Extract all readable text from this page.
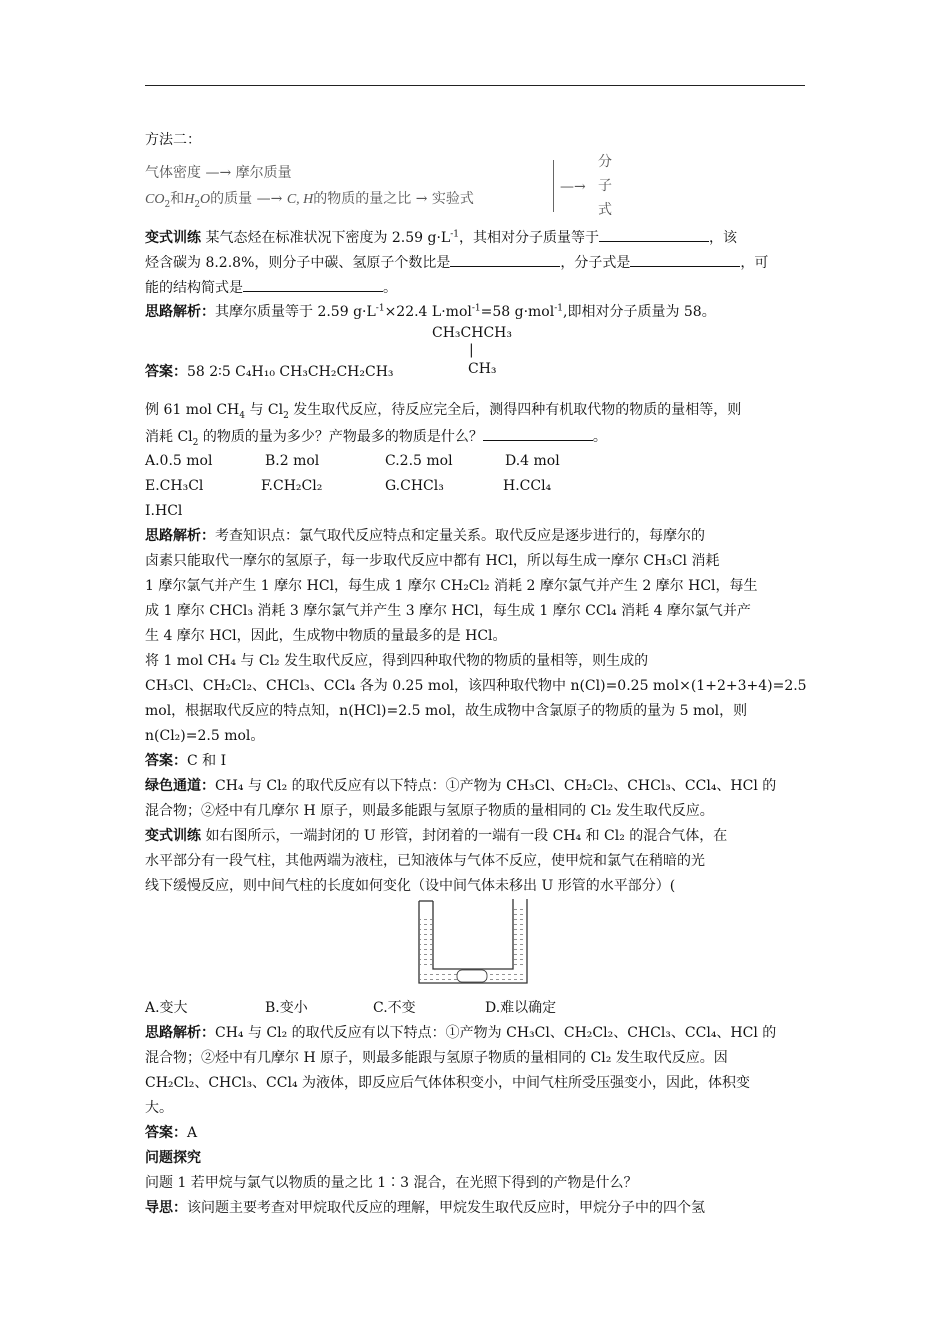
方法二：
气体密度 —→ 摩尔质量
$CO_2$和$H_2O$的质量 —→ C, H的物质的量之比 → 实验式
—→
分
子
式
变式训练 某气态烃在标准状况下密度为 2.59 $g\cdot L^{-1}$，其相对分子质量等于	，该
烃含碳为 8.2.8%，则分子中碳、氢原子个数比是	，分子式是	，可
能的结构简式是	。
思路解析：其摩尔质量等于 2.59 $g\cdot L^{-1}\times 22.4$ L·mol$^{-1}$=58 g·mol$^{-1}$,即相对分子质量为 58。
CH₃CHCH₃
|
CH₃
答案：58 2∶5 C₄H₁₀ CH₃CH₂CH₂CH₃
例 61 mol $CH_4$ 与 $Cl_2$ 发生取代反应，待反应完全后，测得四种有机取代物的物质的量相等，则
消耗 $Cl_2$ 的物质的量为多少？产物最多的物质是什么？	。
A.0.5 mol	B.2 mol	C.2.5 mol	D.4 mol
E.CH₃Cl	F.CH₂Cl₂	G.CHCl₃	H.CCl₄
I.HCl
思路解析：考查知识点：氯气取代反应特点和定量关系。取代反应是逐步进行的，每摩尔的
卤素只能取代一摩尔的氢原子，每一步取代反应中都有 HCl，所以每生成一摩尔 CH₃Cl 消耗
1 摩尔氯气并产生 1 摩尔 HCl，每生成 1 摩尔 CH₂Cl₂ 消耗 2 摩尔氯气并产生 2 摩尔 HCl，每生
成 1 摩尔 CHCl₃ 消耗 3 摩尔氯气并产生 3 摩尔 HCl，每生成 1 摩尔 CCl₄ 消耗 4 摩尔氯气并产
生 4 摩尔 HCl，因此，生成物中物质的量最多的是 HCl。
将 1 mol CH₄ 与 Cl₂ 发生取代反应，得到四种取代物的物质的量相等，则生成的
CH₃Cl、CH₂Cl₂、CHCl₃、CCl₄ 各为 0.25 mol，该四种取代物中 n(Cl)=0.25 mol×(1+2+3+4)=2.5
mol，根据取代反应的特点知，n(HCl)=2.5 mol，故生成物中含氯原子的物质的量为 5 mol，则
n(Cl₂)=2.5 mol。
答案：C 和 I
绿色通道：CH₄ 与 Cl₂ 的取代反应有以下特点：①产物为 CH₃Cl、CH₂Cl₂、CHCl₃、CCl₄、HCl 的
混合物；②烃中有几摩尔 H 原子，则最多能跟与氢原子物质的量相同的 Cl₂ 发生取代反应。
变式训练 如右图所示，一端封闭的 U 形管，封闭着的一端有一段 CH₄ 和 Cl₂ 的混合气体，在
水平部分有一段气柱，其他两端为液柱，已知液体与气体不反应，使甲烷和氯气在稍暗的光
线下缓慢反应，则中间气柱的长度如何变化（设中间气体未移出 U 形管的水平部分）(
A.变大	B.变小	C.不变	D.难以确定
思路解析：CH₄ 与 Cl₂ 的取代反应有以下特点：①产物为 CH₃Cl、CH₂Cl₂、CHCl₃、CCl₄、HCl 的
混合物；②烃中有几摩尔 H 原子，则最多能跟与氢原子物质的量相同的 Cl₂ 发生取代反应。因
CH₂Cl₂、CHCl₃、CCl₄ 为液体，即反应后气体体积变小，中间气柱所受压强变小，因此，体积变
大。
答案：A
问题探究
问题 1 若甲烷与氯气以物质的量之比 1∶3 混合，在光照下得到的产物是什么？
导思：该问题主要考查对甲烷取代反应的理解，甲烷发生取代反应时，甲烷分子中的四个氢
